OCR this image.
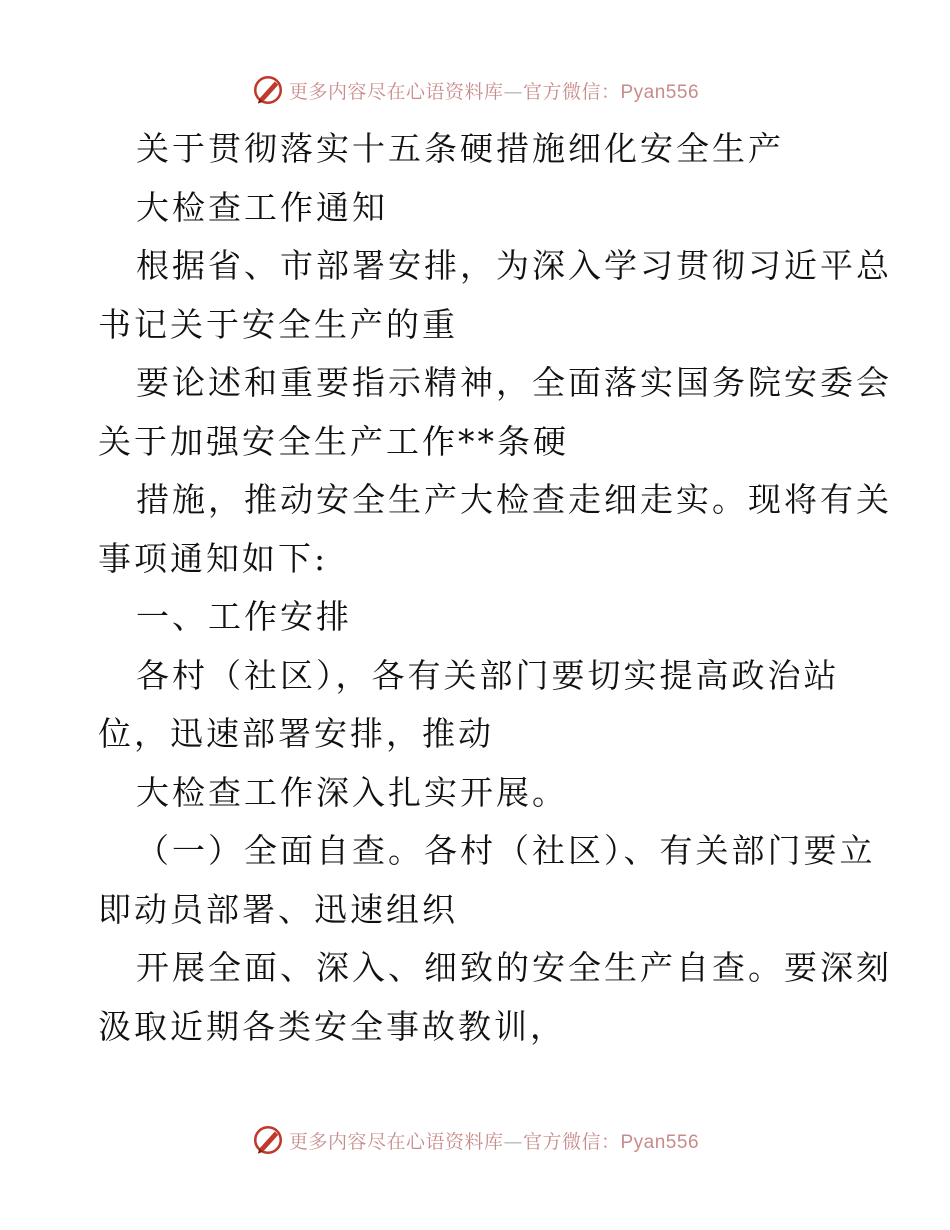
更多内容尽在心语资料库—官方微信：Pyan556
关于贯彻落实十五条硬措施细化安全生产
大检查工作通知
根据省、市部署安排，为深入学习贯彻习近平总
书记关于安全生产的重
要论述和重要指示精神，全面落实国务院安委会
关于加强安全生产工作**条硬
措施，推动安全生产大检查走细走实。现将有关
事项通知如下:
一、工作安排
各村（社区），各有关部门要切实提高政治站
位，迅速部署安排，推动
大检查工作深入扎实开展。
（一）全面自查。各村（社区）、有关部门要立
即动员部署、迅速组织
开展全面、深入、细致的安全生产自查。要深刻
汲取近期各类安全事故教训，
更多内容尽在心语资料库—官方微信：Pyan556
